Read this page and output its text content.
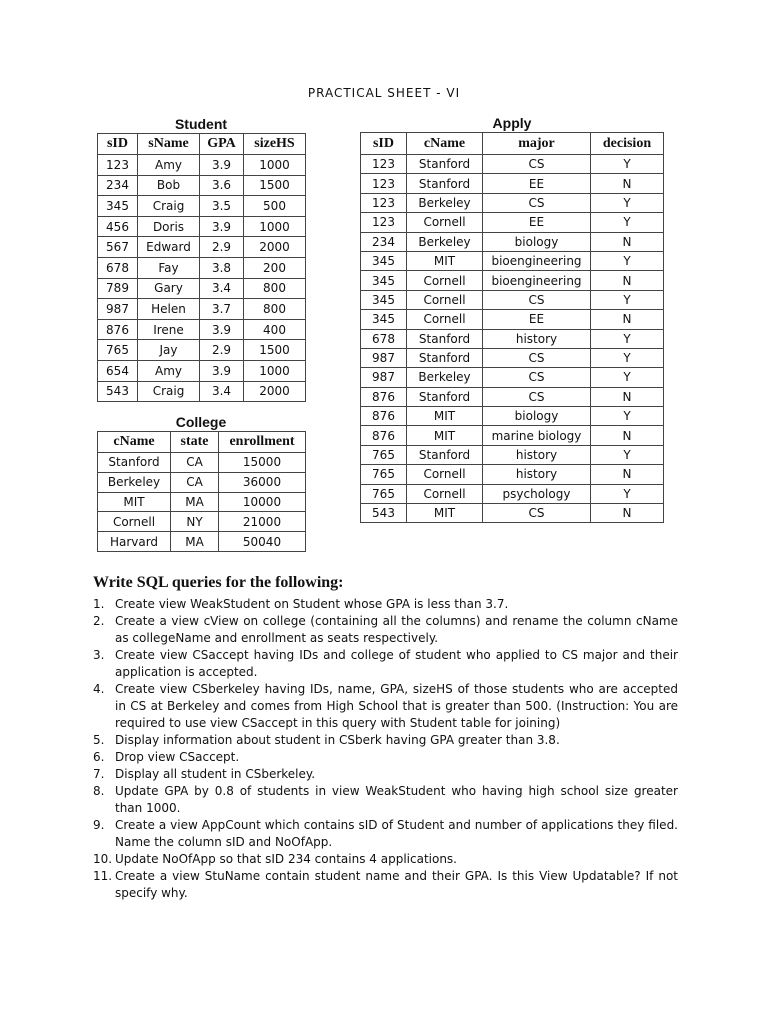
PRACTICAL SHEET - VI
Student
sID	sName	GPA	sizeHS
123	Amy	3.9	1000
234	Bob	3.6	1500
345	Craig	3.5	500
456	Doris	3.9	1000
567	Edward	2.9	2000
678	Fay	3.8	200
789	Gary	3.4	800
987	Helen	3.7	800
876	Irene	3.9	400
765	Jay	2.9	1500
654	Amy	3.9	1000
543	Craig	3.4	2000
Apply
sID	cName	major	decision
123	Stanford	CS	Y
123	Stanford	EE	N
123	Berkeley	CS	Y
123	Cornell	EE	Y
234	Berkeley	biology	N
345	MIT	bioengineering	Y
345	Cornell	bioengineering	N
345	Cornell	CS	Y
345	Cornell	EE	N
678	Stanford	history	Y
987	Stanford	CS	Y
987	Berkeley	CS	Y
876	Stanford	CS	N
876	MIT	biology	Y
876	MIT	marine biology	N
765	Stanford	history	Y
765	Cornell	history	N
765	Cornell	psychology	Y
543	MIT	CS	N
College
cName	state	enrollment
Stanford	CA	15000
Berkeley	CA	36000
MIT	MA	10000
Cornell	NY	21000
Harvard	MA	50040
Write SQL queries for the following:
1. Create view WeakStudent on Student whose GPA is less than 3.7.
2. Create a view cView on college (containing all the columns) and rename the column cName as collegeName and enrollment as seats respectively.
3. Create view CSaccept having IDs and college of student who applied to CS major and their application is accepted.
4. Create view CSberkeley having IDs, name, GPA, sizeHS of those students who are accepted in CS at Berkeley and comes from High School that is greater than 500. (Instruction: You are required to use view CSaccept in this query with Student table for joining)
5. Display information about student in CSberk having GPA greater than 3.8.
6. Drop view CSaccept.
7. Display all student in CSberkeley.
8. Update GPA by 0.8 of students in view WeakStudent who having high school size greater than 1000.
9. Create a view AppCount which contains sID of Student and number of applications they filed. Name the column sID and NoOfApp.
10. Update NoOfApp so that sID 234 contains 4 applications.
11. Create a view StuName contain student name and their GPA. Is this View Updatable? If not specify why.
